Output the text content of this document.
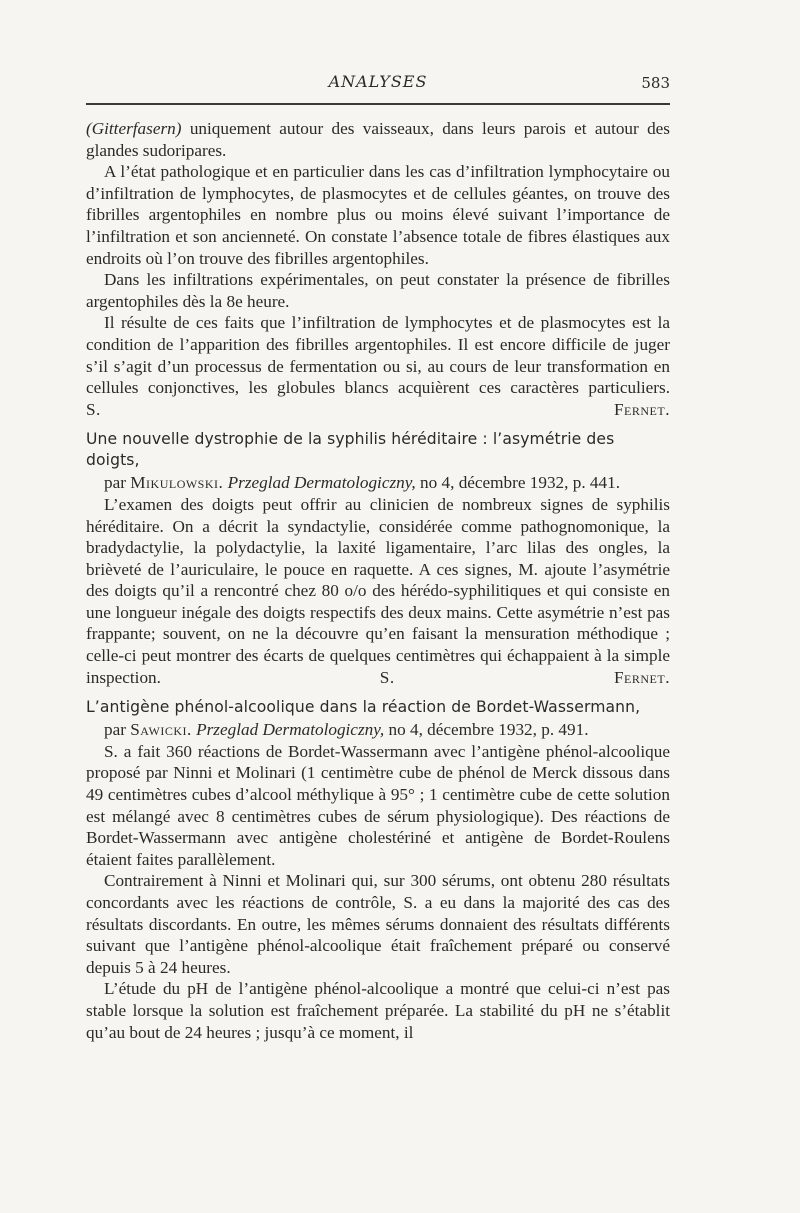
ANALYSES	583

(Gitterfasern) uniquement autour des vaisseaux, dans leurs parois et autour des glandes sudoripares.

A l’état pathologique et en particulier dans les cas d’infiltration lymphocytaire ou d’infiltration de lymphocytes, de plasmocytes et de cellules géantes, on trouve des fibrilles argentophiles en nombre plus ou moins élevé suivant l’importance de l’infiltration et son ancienneté. On constate l’absence totale de fibres élastiques aux endroits où l’on trouve des fibrilles argentophiles.

Dans les infiltrations expérimentales, on peut constater la présence de fibrilles argentophiles dès la 8e heure.

Il résulte de ces faits que l’infiltration de lymphocytes et de plasmocytes est la condition de l’apparition des fibrilles argentophiles. Il est encore difficile de juger s’il s’agit d’un processus de fermentation ou si, au cours de leur transformation en cellules conjonctives, les globules blancs acquièrent ces caractères particuliers. S. Fernet.

Une nouvelle dystrophie de la syphilis héréditaire : l’asymétrie des doigts,

par Mikulowski. Przeglad Dermatologiczny, no 4, décembre 1932, p. 441.

L’examen des doigts peut offrir au clinicien de nombreux signes de syphilis héréditaire. On a décrit la syndactylie, considérée comme pathognomonique, la bradydactylie, la polydactylie, la laxité ligamentaire, l’arc lilas des ongles, la brièveté de l’auriculaire, le pouce en raquette. A ces signes, M. ajoute l’asymétrie des doigts qu’il a rencontré chez 80 o/o des hérédo-syphilitiques et qui consiste en une longueur inégale des doigts respectifs des deux mains. Cette asymétrie n’est pas frappante; souvent, on ne la découvre qu’en faisant la mensuration méthodique ; celle-ci peut montrer des écarts de quelques centimètres qui échappaient à la simple inspection.	S. Fernet.

L’antigène phénol-alcoolique dans la réaction de Bordet-Wassermann,

par Sawicki. Przeglad Dermatologiczny, no 4, décembre 1932, p. 491.

S. a fait 360 réactions de Bordet-Wassermann avec l’antigène phénol-alcoolique proposé par Ninni et Molinari (1 centimètre cube de phénol de Merck dissous dans 49 centimètres cubes d’alcool méthylique à 95° ; 1 centimètre cube de cette solution est mélangé avec 8 centimètres cubes de sérum physiologique). Des réactions de Bordet-Wassermann avec antigène cholestériné et antigène de Bordet-Roulens étaient faites parallèlement.

Contrairement à Ninni et Molinari qui, sur 300 sérums, ont obtenu 280 résultats concordants avec les réactions de contrôle, S. a eu dans la majorité des cas des résultats discordants. En outre, les mêmes sérums donnaient des résultats différents suivant que l’antigène phénol-alcoolique était fraîchement préparé ou conservé depuis 5 à 24 heures.

L’étude du pH de l’antigène phénol-alcoolique a montré que celui-ci n’est pas stable lorsque la solution est fraîchement préparée. La stabilité du pH ne s’établit qu’au bout de 24 heures ; jusqu’à ce moment, il
